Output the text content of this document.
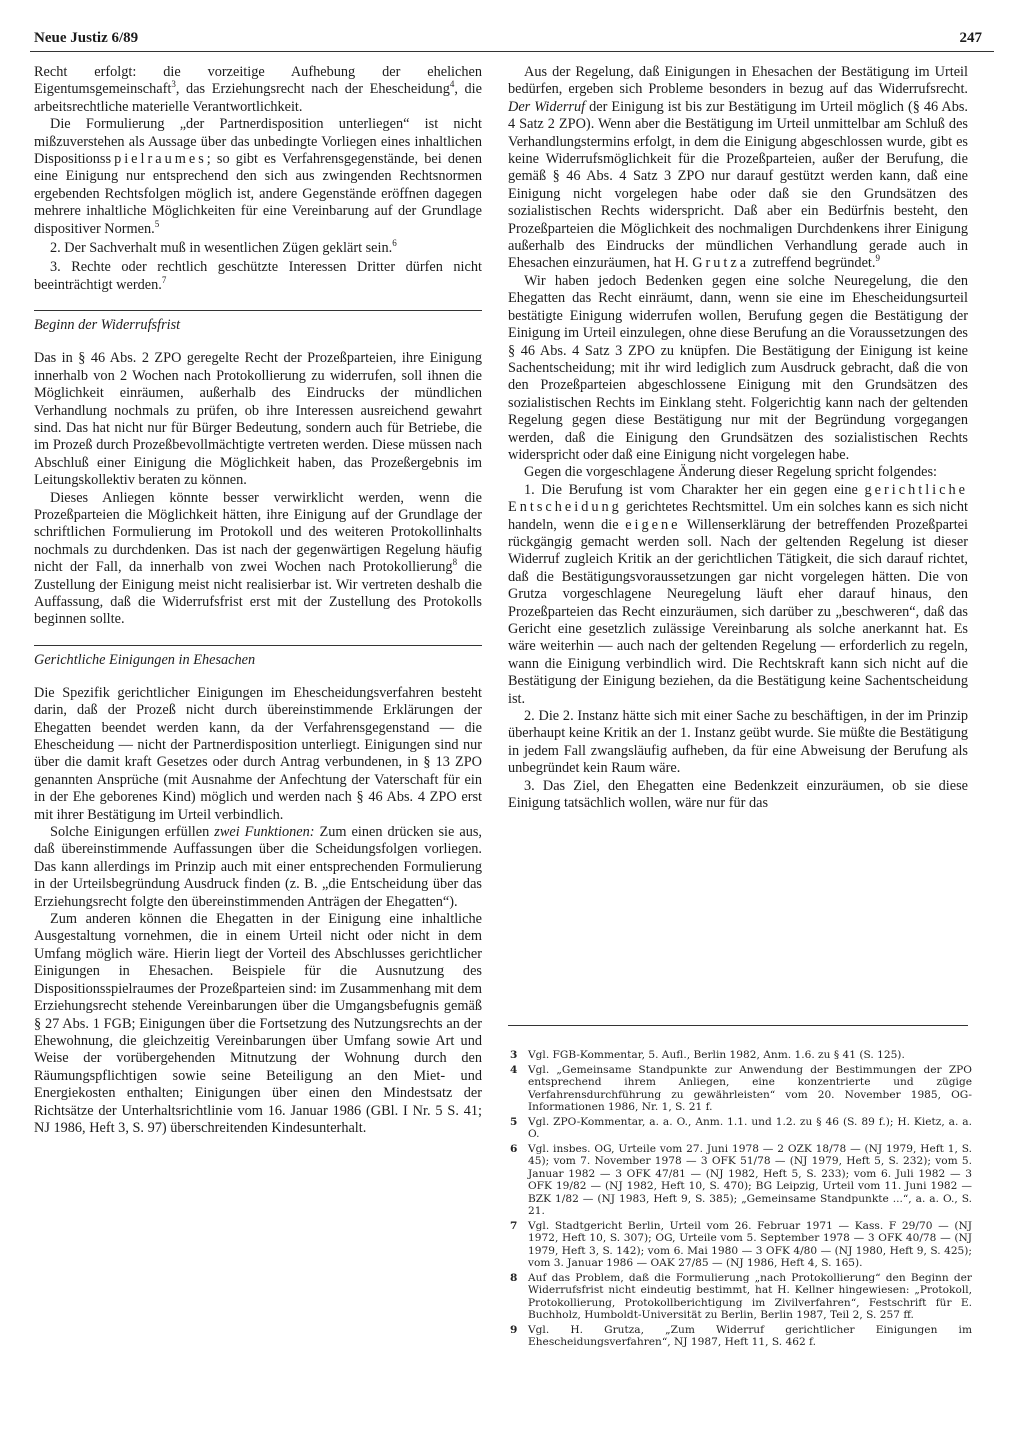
Neue Justiz 6/89	247

Recht erfolgt: die vorzeitige Aufhebung der ehelichen Eigentumsgemeinschaft$^3$, das Erziehungsrecht nach der Ehescheidung$^4$, die arbeitsrechtliche materielle Verantwortlichkeit.

Die Formulierung „der Partnerdisposition unterliegen“ ist nicht mißzuverstehen als Aussage über das unbedingte Vorliegen eines inhaltlichen Dispositionsspielraumes; so gibt es Verfahrensgegenstände, bei denen eine Einigung nur entsprechend den sich aus zwingenden Rechtsnormen ergebenden Rechtsfolgen möglich ist, andere Gegenstände eröffnen dagegen mehrere inhaltliche Möglichkeiten für eine Vereinbarung auf der Grundlage dispositiver Normen.$^5$

2. Der Sachverhalt muß in wesentlichen Zügen geklärt sein.$^6$

3. Rechte oder rechtlich geschützte Interessen Dritter dürfen nicht beeinträchtigt werden.$^7$

Beginn der Widerrufsfrist

Das in § 46 Abs. 2 ZPO geregelte Recht der Prozeßparteien, ihre Einigung innerhalb von 2 Wochen nach Protokollierung zu widerrufen, soll ihnen die Möglichkeit einräumen, außerhalb des Eindrucks der mündlichen Verhandlung nochmals zu prüfen, ob ihre Interessen ausreichend gewahrt sind. Das hat nicht nur für Bürger Bedeutung, sondern auch für Betriebe, die im Prozeß durch Prozeßbevollmächtigte vertreten werden. Diese müssen nach Abschluß einer Einigung die Möglichkeit haben, das Prozeßergebnis im Leitungskollektiv beraten zu können.

Dieses Anliegen könnte besser verwirklicht werden, wenn die Prozeßparteien die Möglichkeit hätten, ihre Einigung auf der Grundlage der schriftlichen Formulierung im Protokoll und des weiteren Protokollinhalts nochmals zu durchdenken. Das ist nach der gegenwärtigen Regelung häufig nicht der Fall, da innerhalb von zwei Wochen nach Protokollierung$^8$ die Zustellung der Einigung meist nicht realisierbar ist. Wir vertreten deshalb die Auffassung, daß die Widerrufsfrist erst mit der Zustellung des Protokolls beginnen sollte.

Gerichtliche Einigungen in Ehesachen

Die Spezifik gerichtlicher Einigungen im Ehescheidungsverfahren besteht darin, daß der Prozeß nicht durch übereinstimmende Erklärungen der Ehegatten beendet werden kann, da der Verfahrensgegenstand — die Ehescheidung — nicht der Partnerdisposition unterliegt. Einigungen sind nur über die damit kraft Gesetzes oder durch Antrag verbundenen, in § 13 ZPO genannten Ansprüche (mit Ausnahme der Anfechtung der Vaterschaft für ein in der Ehe geborenes Kind) möglich und werden nach § 46 Abs. 4 ZPO erst mit ihrer Bestätigung im Urteil verbindlich.

Solche Einigungen erfüllen zwei Funktionen: Zum einen drücken sie aus, daß übereinstimmende Auffassungen über die Scheidungsfolgen vorliegen. Das kann allerdings im Prinzip auch mit einer entsprechenden Formulierung in der Urteilsbegründung Ausdruck finden (z. B. „die Entscheidung über das Erziehungsrecht folgte den übereinstimmenden Anträgen der Ehegatten“).

Zum anderen können die Ehegatten in der Einigung eine inhaltliche Ausgestaltung vornehmen, die in einem Urteil nicht oder nicht in dem Umfang möglich wäre. Hierin liegt der Vorteil des Abschlusses gerichtlicher Einigungen in Ehesachen. Beispiele für die Ausnutzung des Dispositionsspielraumes der Prozeßparteien sind: im Zusammenhang mit dem Erziehungsrecht stehende Vereinbarungen über die Umgangsbefugnis gemäß § 27 Abs. 1 FGB; Einigungen über die Fortsetzung des Nutzungsrechts an der Ehewohnung, die gleichzeitig Vereinbarungen über Umfang sowie Art und Weise der vorübergehenden Mitnutzung der Wohnung durch den Räumungspflichtigen sowie seine Beteiligung an den Miet- und Energiekosten enthalten; Einigungen über einen den Mindestsatz der Richtsätze der Unterhaltsrichtlinie vom 16. Januar 1986 (GBl. I Nr. 5 S. 41; NJ 1986, Heft 3, S. 97) überschreitenden Kindesunterhalt.

Aus der Regelung, daß Einigungen in Ehesachen der Bestätigung im Urteil bedürfen, ergeben sich Probleme besonders in bezug auf das Widerrufsrecht. Der Widerruf der Einigung ist bis zur Bestätigung im Urteil möglich (§ 46 Abs. 4 Satz 2 ZPO). Wenn aber die Bestätigung im Urteil unmittelbar am Schluß des Verhandlungstermins erfolgt, in dem die Einigung abgeschlossen wurde, gibt es keine Widerrufsmöglichkeit für die Prozeßparteien, außer der Berufung, die gemäß § 46 Abs. 4 Satz 3 ZPO nur darauf gestützt werden kann, daß eine Einigung nicht vorgelegen habe oder daß sie den Grundsätzen des sozialistischen Rechts widerspricht. Daß aber ein Bedürfnis besteht, den Prozeßparteien die Möglichkeit des nochmaligen Durchdenkens ihrer Einigung außerhalb des Eindrucks der mündlichen Verhandlung gerade auch in Ehesachen einzuräumen, hat H. Grutza zutreffend begründet.$^9$

Wir haben jedoch Bedenken gegen eine solche Neuregelung, die den Ehegatten das Recht einräumt, dann, wenn sie eine im Ehescheidungsurteil bestätigte Einigung widerrufen wollen, Berufung gegen die Bestätigung der Einigung im Urteil einzulegen, ohne diese Berufung an die Voraussetzungen des § 46 Abs. 4 Satz 3 ZPO zu knüpfen. Die Bestätigung der Einigung ist keine Sachentscheidung; mit ihr wird lediglich zum Ausdruck gebracht, daß die von den Prozeßparteien abgeschlossene Einigung mit den Grundsätzen des sozialistischen Rechts im Einklang steht. Folgerichtig kann nach der geltenden Regelung gegen diese Bestätigung nur mit der Begründung vorgegangen werden, daß die Einigung den Grundsätzen des sozialistischen Rechts widerspricht oder daß eine Einigung nicht vorgelegen habe.

Gegen die vorgeschlagene Änderung dieser Regelung spricht folgendes:

1. Die Berufung ist vom Charakter her ein gegen eine gerichtliche Entscheidung gerichtetes Rechtsmittel. Um ein solches kann es sich nicht handeln, wenn die eigene Willenserklärung der betreffenden Prozeßpartei rückgängig gemacht werden soll. Nach der geltenden Regelung ist dieser Widerruf zugleich Kritik an der gerichtlichen Tätigkeit, die sich darauf richtet, daß die Bestätigungsvoraussetzungen gar nicht vorgelegen hätten. Die von Grutza vorgeschlagene Neuregelung läuft eher darauf hinaus, den Prozeßparteien das Recht einzuräumen, sich darüber zu „beschweren“, daß das Gericht eine gesetzlich zulässige Vereinbarung als solche anerkannt hat. Es wäre weiterhin — auch nach der geltenden Regelung — erforderlich zu regeln, wann die Einigung verbindlich wird. Die Rechtskraft kann sich nicht auf die Bestätigung der Einigung beziehen, da die Bestätigung keine Sachentscheidung ist.

2. Die 2. Instanz hätte sich mit einer Sache zu beschäftigen, in der im Prinzip überhaupt keine Kritik an der 1. Instanz geübt wurde. Sie müßte die Bestätigung in jedem Fall zwangsläufig aufheben, da für eine Abweisung der Berufung als unbegründet kein Raum wäre.

3. Das Ziel, den Ehegatten eine Bedenkzeit einzuräumen, ob sie diese Einigung tatsächlich wollen, wäre nur für das

3 Vgl. FGB-Kommentar, 5. Aufl., Berlin 1982, Anm. 1.6. zu § 41 (S. 125).
4 Vgl. „Gemeinsame Standpunkte zur Anwendung der Bestimmungen der ZPO entsprechend ihrem Anliegen, eine konzentrierte und zügige Verfahrensdurchführung zu gewährleisten“ vom 20. November 1985, OG-Informationen 1986, Nr. 1, S. 21 f.
5 Vgl. ZPO-Kommentar, a. a. O., Anm. 1.1. und 1.2. zu § 46 (S. 89 f.); H. Kietz, a. a. O.
6 Vgl. insbes. OG, Urteile vom 27. Juni 1978 — 2 OZK 18/78 — (NJ 1979, Heft 1, S. 45); vom 7. November 1978 — 3 OFK 51/78 — (NJ 1979, Heft 5, S. 232); vom 5. Januar 1982 — 3 OFK 47/81 — (NJ 1982, Heft 5, S. 233); vom 6. Juli 1982 — 3 OFK 19/82 — (NJ 1982, Heft 10, S. 470); BG Leipzig, Urteil vom 11. Juni 1982 — BZK 1/82 — (NJ 1983, Heft 9, S. 385); „Gemeinsame Standpunkte ...“, a. a. O., S. 21.
7 Vgl. Stadtgericht Berlin, Urteil vom 26. Februar 1971 — Kass. F 29/70 — (NJ 1972, Heft 10, S. 307); OG, Urteile vom 5. September 1978 — 3 OFK 40/78 — (NJ 1979, Heft 3, S. 142); vom 6. Mai 1980 — 3 OFK 4/80 — (NJ 1980, Heft 9, S. 425); vom 3. Januar 1986 — OAK 27/85 — (NJ 1986, Heft 4, S. 165).
8 Auf das Problem, daß die Formulierung „nach Protokollierung“ den Beginn der Widerrufsfrist nicht eindeutig bestimmt, hat H. Kellner hingewiesen: „Protokoll, Protokollierung, Protokollberichtigung im Zivilverfahren“, Festschrift für E. Buchholz, Humboldt-Universität zu Berlin, Berlin 1987, Teil 2, S. 257 ff.
9 Vgl. H. Grutza, „Zum Widerruf gerichtlicher Einigungen im Ehescheidungsverfahren“, NJ 1987, Heft 11, S. 462 f.
